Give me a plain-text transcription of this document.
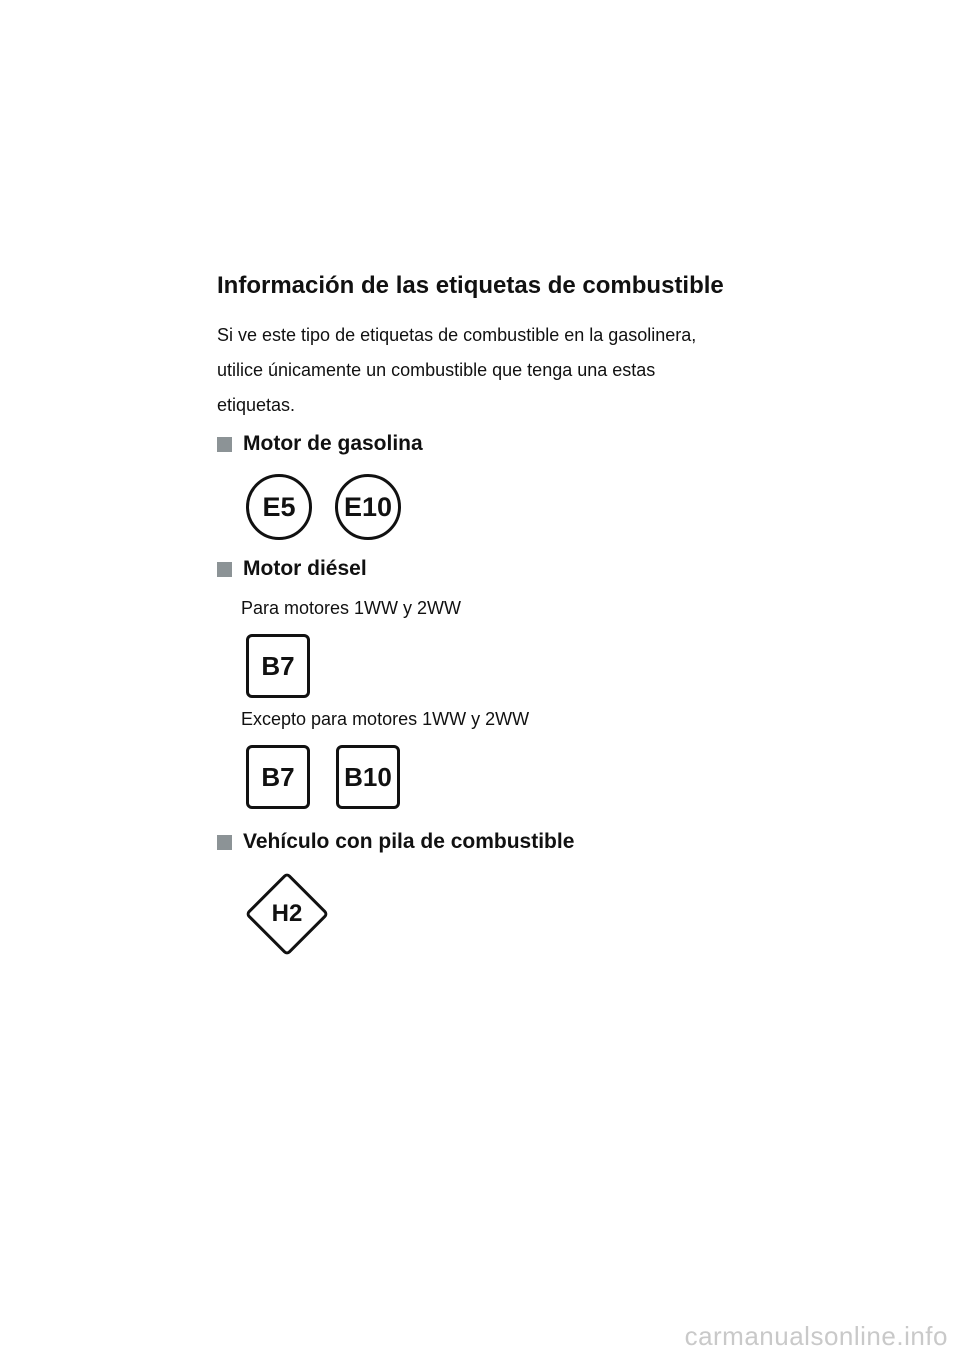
Información de las etiquetas de combustible
Si ve este tipo de etiquetas de combustible en la gasolinera,
utilice únicamente un combustible que tenga una estas
etiquetas.
Motor de gasolina
E5 E10
Motor diésel
Para motores 1WW y 2WW
B7
Excepto para motores 1WW y 2WW
B7 B10
Vehículo con pila de combustible
H2
carmanualsonline.info
